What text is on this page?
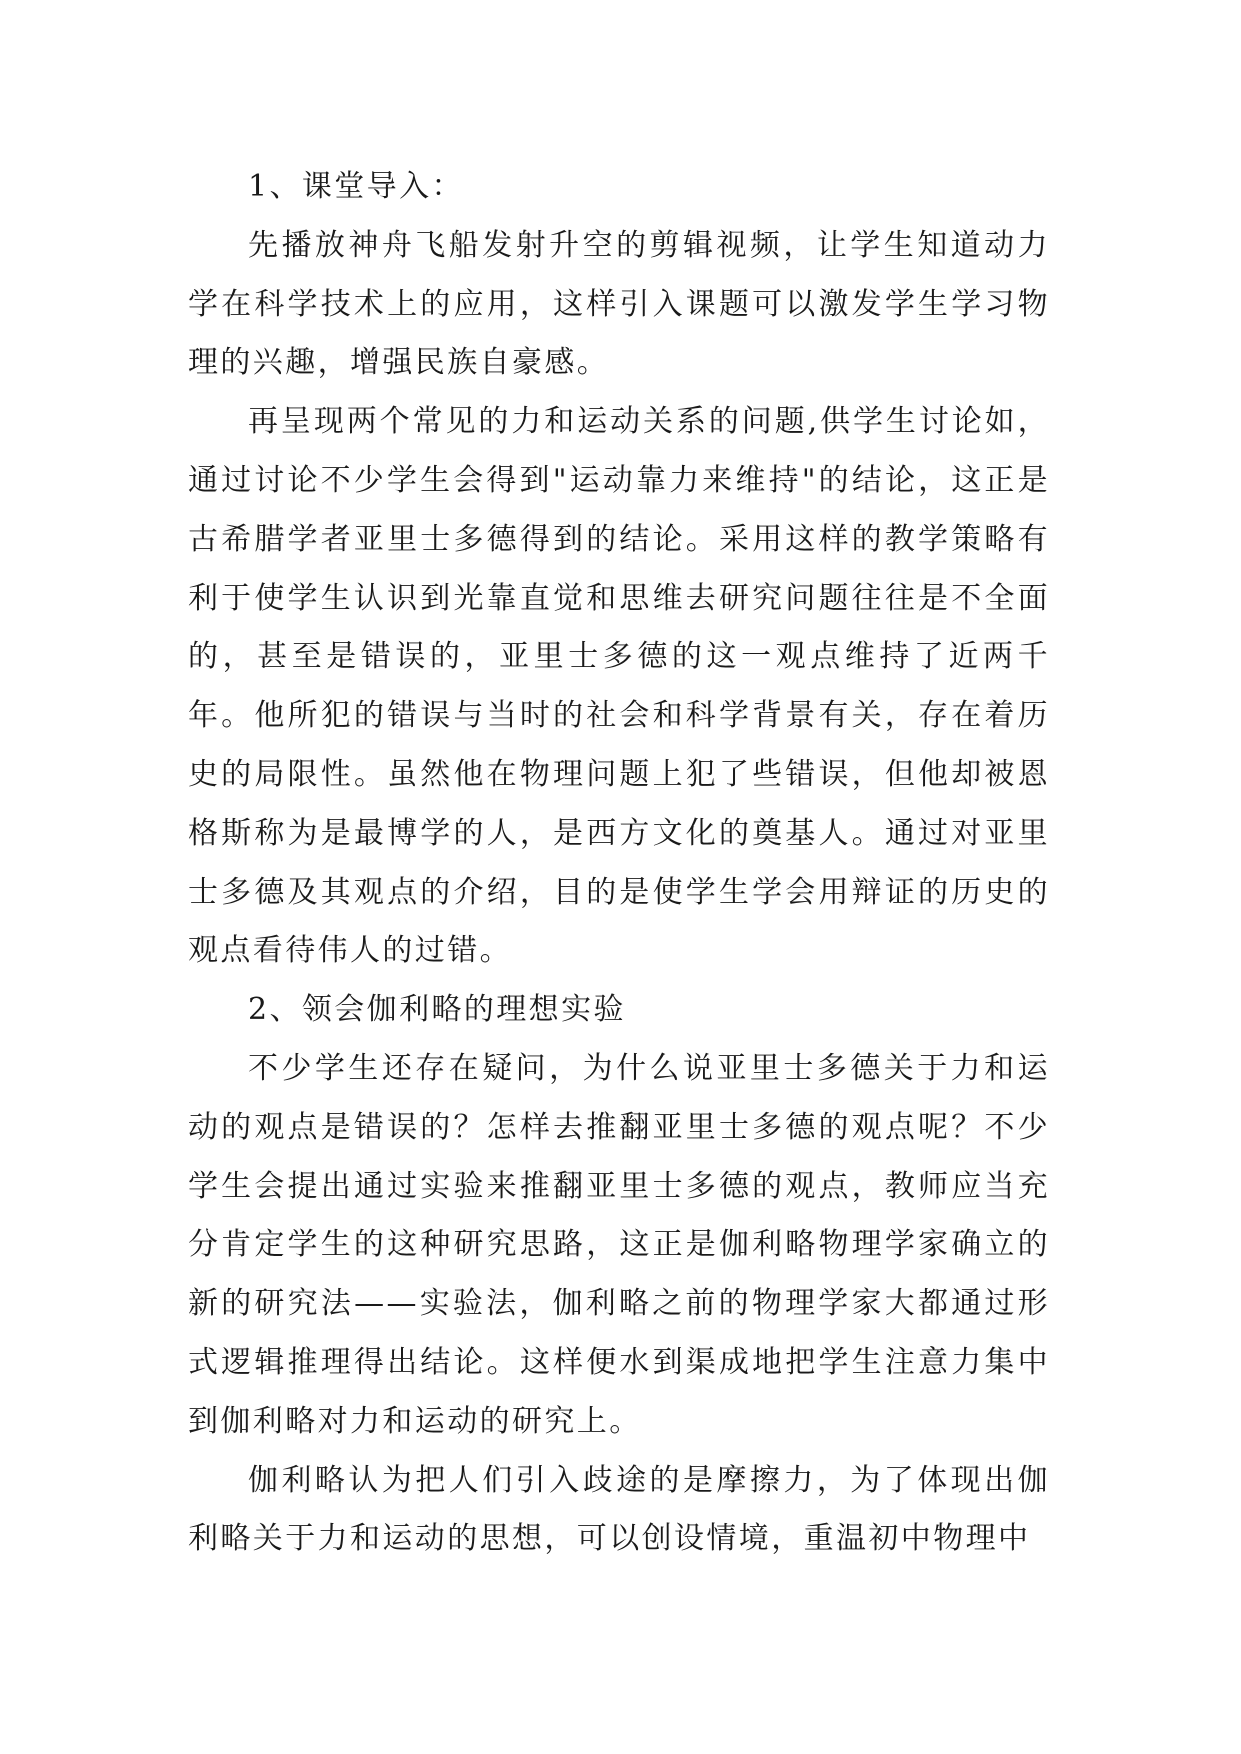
1、课堂导入：

先播放神舟飞船发射升空的剪辑视频，让学生知道动力学在科学技术上的应用，这样引入课题可以激发学生学习物理的兴趣，增强民族自豪感。

再呈现两个常见的力和运动关系的问题,供学生讨论如，通过讨论不少学生会得到"运动靠力来维持"的结论，这正是古希腊学者亚里士多德得到的结论。采用这样的教学策略有利于使学生认识到光靠直觉和思维去研究问题往往是不全面的，甚至是错误的，亚里士多德的这一观点维持了近两千年。他所犯的错误与当时的社会和科学背景有关，存在着历史的局限性。虽然他在物理问题上犯了些错误，但他却被恩格斯称为是最博学的人，是西方文化的奠基人。通过对亚里士多德及其观点的介绍，目的是使学生学会用辩证的历史的观点看待伟人的过错。

2、领会伽利略的理想实验

不少学生还存在疑问，为什么说亚里士多德关于力和运动的观点是错误的？怎样去推翻亚里士多德的观点呢？不少学生会提出通过实验来推翻亚里士多德的观点，教师应当充分肯定学生的这种研究思路，这正是伽利略物理学家确立的新的研究法——实验法，伽利略之前的物理学家大都通过形式逻辑推理得出结论。这样便水到渠成地把学生注意力集中到伽利略对力和运动的研究上。

伽利略认为把人们引入歧途的是摩擦力，为了体现出伽利略关于力和运动的思想，可以创设情境，重温初中物理中
